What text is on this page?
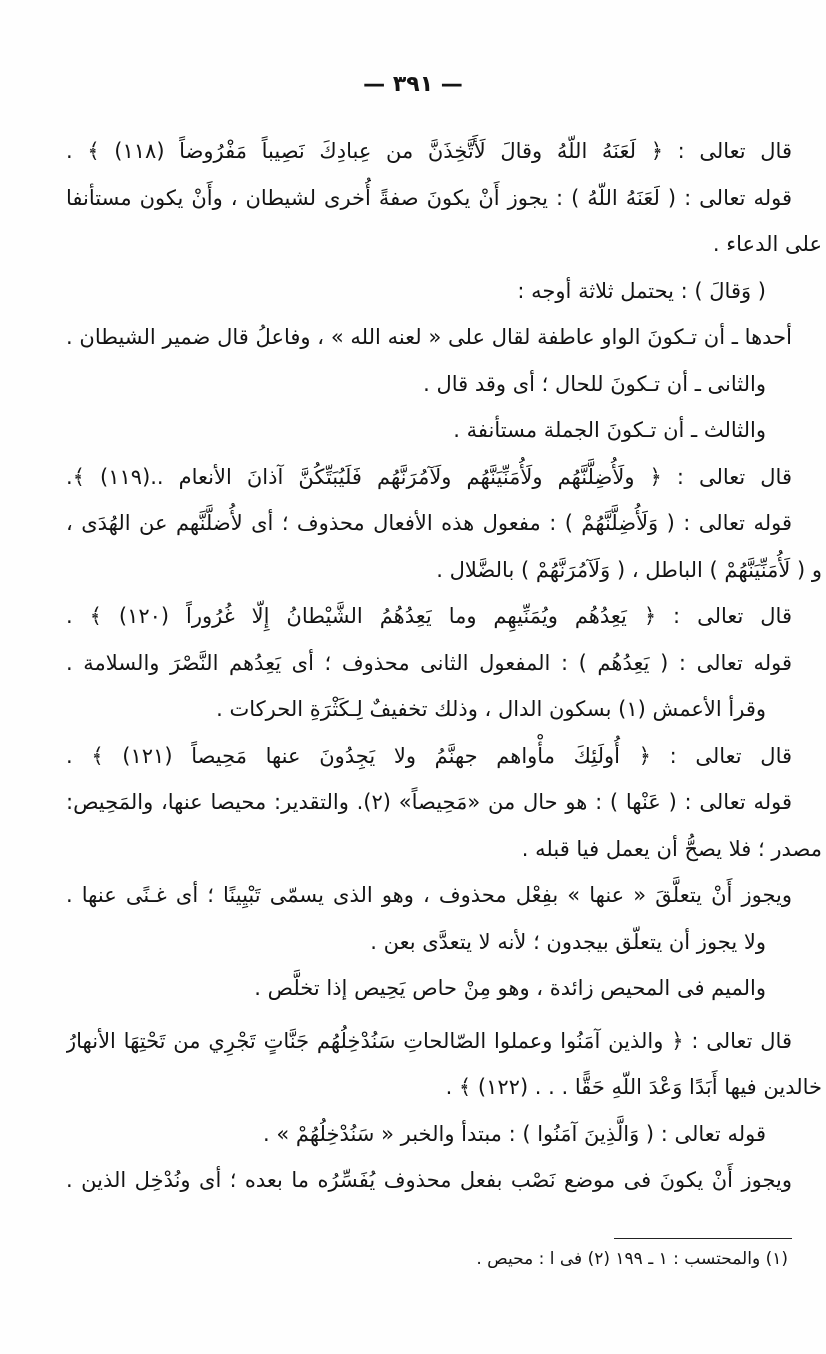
— ٣٩١ —
قال تعالى : ﴿ لَعَنَهُ اللّهُ وقالَ لَأَتَّخِذَنَّ من عِبادِكَ نَصِيباً مَفْرُوضاً (١١٨) ﴾ .
قوله تعالى : ( لَعَنَهُ اللّهُ ) : يجوز أَنْ يكونَ صفةً أُخرى لشيطان ، وأَنْ يكون مستأنفا
على الدعاء .
( وَقالَ ) : يحتمل ثلاثة أوجه :
أحدها ـ أن تـكونَ الواو عاطفة لقال على « لعنه الله » ، وفاعلُ قال ضمير الشيطان .
والثانى ـ أن تـكونَ للحال ؛ أى وقد قال .
والثالث ـ أن تـكونَ الجملة مستأنفة .
قال تعالى : ﴿ ولَأُضِلَّنَّهُم ولَأُمَنِّيَنَّهُم ولَآمُرَنَّهُم فَلَيُبَتِّكُنَّ آذانَ الأنعام ..(١١٩) ﴾.
قوله تعالى : ( وَلَأُضِلَّنَّهُمْ ) : مفعول هذه الأفعال محذوف ؛ أى لأُضلَّنَّهم عن الهُدَى ،
و ( لَأُمَنِّيَنَّهُمْ ) الباطل ، ( وَلَآمُرَنَّهُمْ ) بالضَّلال .
قال تعالى : ﴿ يَعِدُهُم ويُمَنِّيهِم وما يَعِدُهُمُ الشَّيْطانُ إِلّا غُرُوراً (١٢٠) ﴾ .
قوله تعالى : ( يَعِدُهُم ) : المفعول الثانى محذوف ؛ أى يَعِدُهم النَّصْرَ والسلامة .
وقرأ الأعمش (١) بسكون الدال ، وذلك تخفيفٌ لِـكَثْرَةِ الحركات .
قال تعالى : ﴿ أُولَئِكَ مأْواهم جهنَّمُ ولا يَجِدُونَ عنها مَحِيصاً (١٢١) ﴾ .
قوله تعالى : ( عَنْها ) : هو حال من «مَحِيصاً» (٢). والتقدير: محيصا عنها، والمَحِيص:
مصدر ؛ فلا يصحُّ أن يعمل فيا قبله .
ويجوز أَنْ يتعلَّقَ « عنها » بفِعْل محذوف ، وهو الذى يسمّى تَبْيِينًا ؛ أى غـنًى عنها .
ولا يجوز أن يتعلّق بيجدون ؛ لأنه لا يتعدَّى بعن .
والميم فى المحيص زائدة ، وهو مِنْ حاص يَحِيص إذا تخلَّص .
قال تعالى : ﴿ والذين آمَنُوا وعملوا الصّالحاتِ سَنُدْخِلُهُم جَنَّاتٍ تَجْرِي من تَحْتِهَا الأنهارُ
خالدين فيها أَبَدًا وَعْدَ اللّهِ حَقًّا . . . (١٢٢) ﴾ .
قوله تعالى : ( وَالَّذِينَ آمَنُوا ) : مبتدأ والخبر « سَنُدْخِلُهُمْ » .
ويجوز أَنْ يكونَ فى موضع نَصْب بفعل محذوف يُفَسِّرُه ما بعده ؛ أى ونُدْخِل الذين .
(١) والمحتسب : ١ ـ ١٩٩ (٢) فى ا : محيص .
